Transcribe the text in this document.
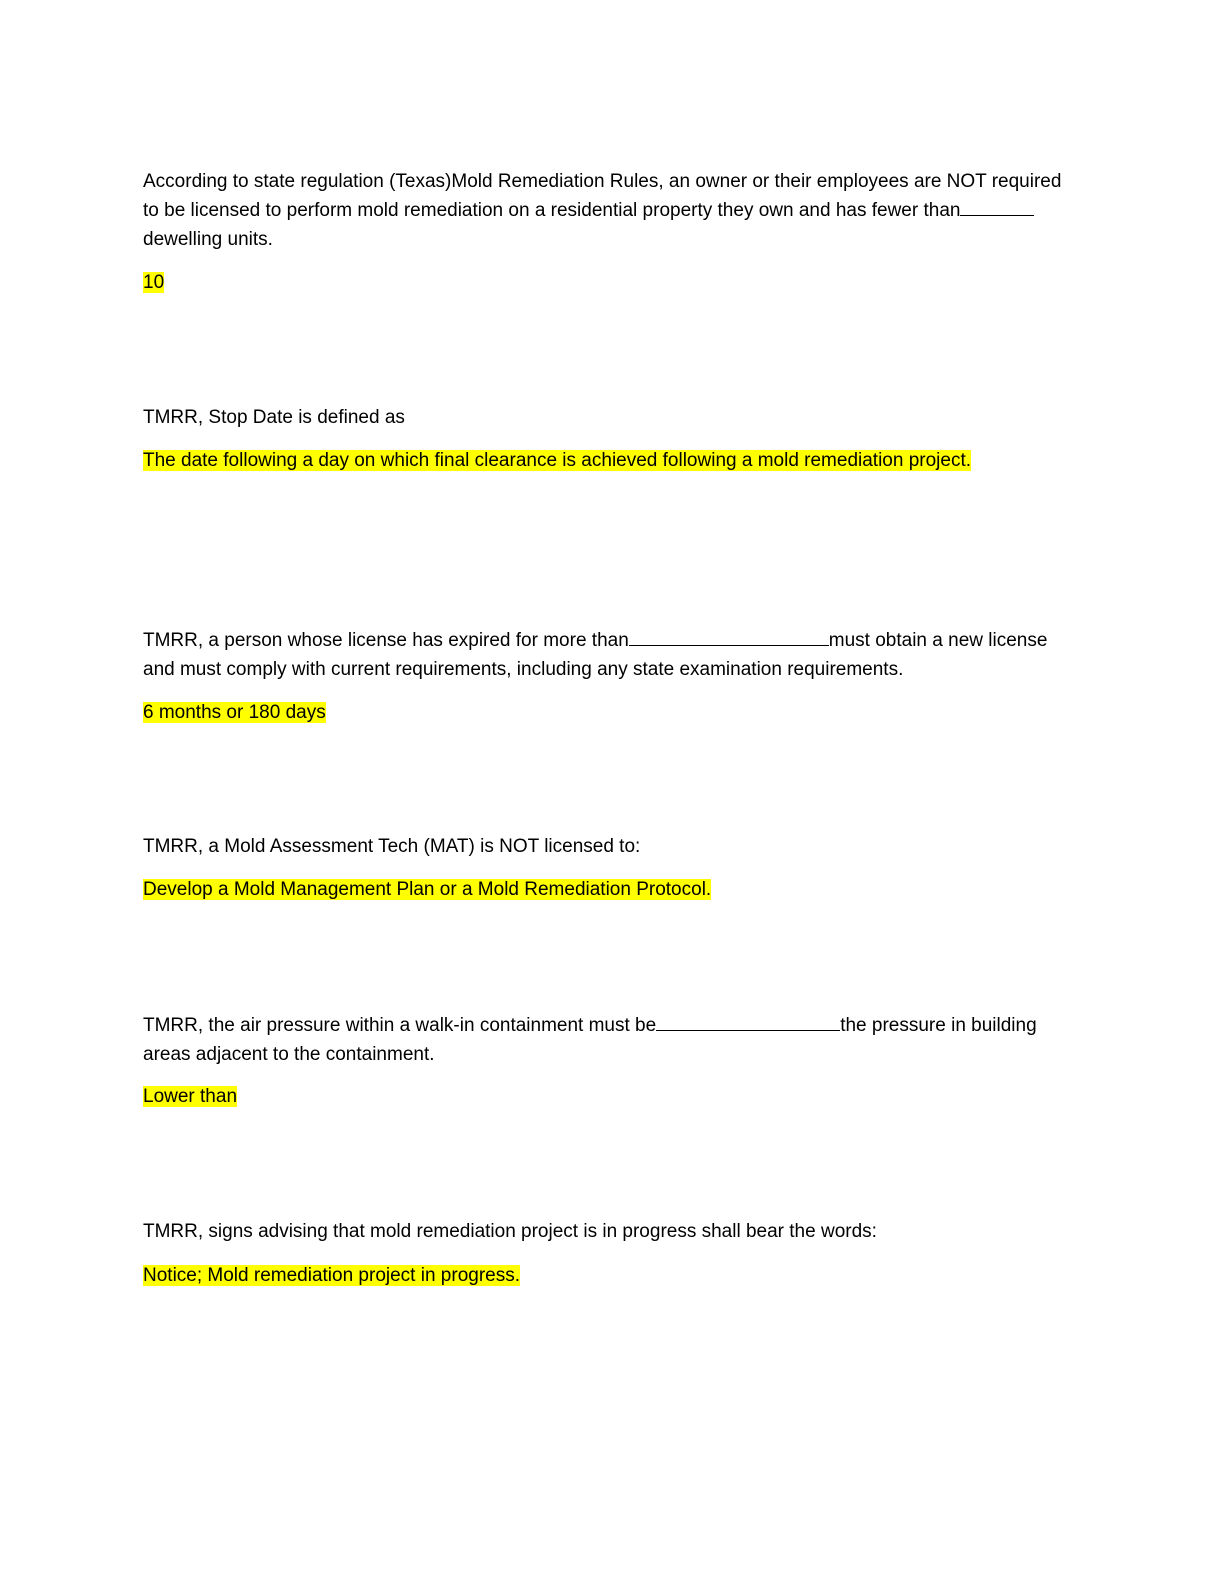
According to state regulation (Texas)Mold Remediation Rules, an owner or their employees are NOT required to be licensed to perform mold remediation on a residential property they own and has fewer thandewelling units.

10

TMRR, Stop Date is defined as

The date following a day on which final clearance is achieved following a mold remediation project.

TMRR, a person whose license has expired for more than	must obtain a new license and must comply with current requirements, including any state examination requirements.

6 months or 180 days

TMRR, a Mold Assessment Tech (MAT) is NOT licensed to:

Develop a Mold Management Plan or a Mold Remediation Protocol.

TMRR, the air pressure within a walk-in containment must be	the pressure in building areas adjacent to the containment.

Lower than

TMRR, signs advising that mold remediation project is in progress shall bear the words:

Notice; Mold remediation project in progress.
